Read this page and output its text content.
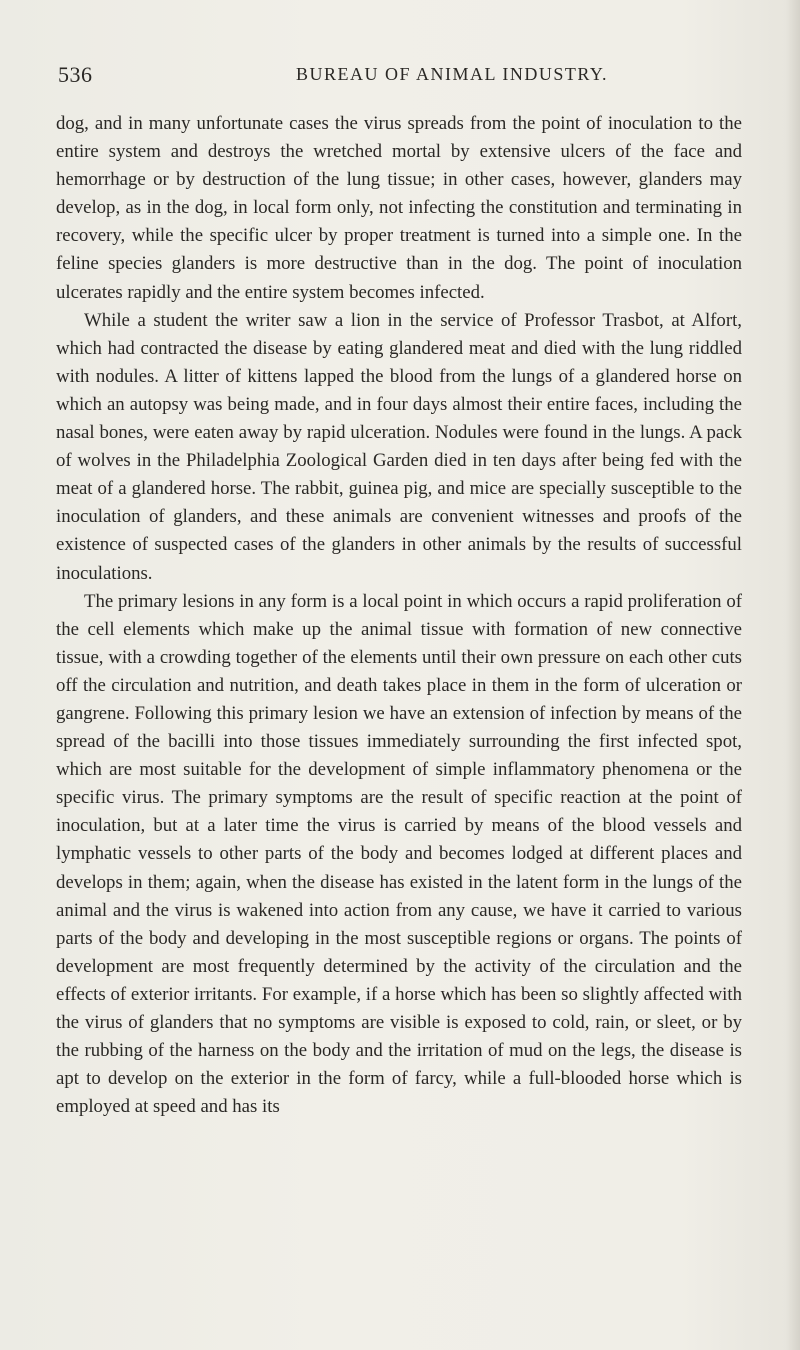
536	BUREAU OF ANIMAL INDUSTRY.

dog, and in many unfortunate cases the virus spreads from the point of inoculation to the entire system and destroys the wretched mortal by extensive ulcers of the face and hemorrhage or by destruction of the lung tissue; in other cases, however, glanders may develop, as in the dog, in local form only, not infecting the constitution and terminating in recovery, while the specific ulcer by proper treatment is turned into a simple one. In the feline species glanders is more destructive than in the dog. The point of inoculation ulcerates rapidly and the entire system becomes infected.

While a student the writer saw a lion in the service of Professor Trasbot, at Alfort, which had contracted the disease by eating glandered meat and died with the lung riddled with nodules. A litter of kittens lapped the blood from the lungs of a glandered horse on which an autopsy was being made, and in four days almost their entire faces, including the nasal bones, were eaten away by rapid ulceration. Nodules were found in the lungs. A pack of wolves in the Philadelphia Zoological Garden died in ten days after being fed with the meat of a glandered horse. The rabbit, guinea pig, and mice are specially susceptible to the inoculation of glanders, and these animals are convenient witnesses and proofs of the existence of suspected cases of the glanders in other animals by the results of successful inoculations.

The primary lesions in any form is a local point in which occurs a rapid proliferation of the cell elements which make up the animal tissue with formation of new connective tissue, with a crowding together of the elements until their own pressure on each other cuts off the circulation and nutrition, and death takes place in them in the form of ulceration or gangrene. Following this primary lesion we have an extension of infection by means of the spread of the bacilli into those tissues immediately surrounding the first infected spot, which are most suitable for the development of simple inflammatory phenomena or the specific virus. The primary symptoms are the result of specific reaction at the point of inoculation, but at a later time the virus is carried by means of the blood vessels and lymphatic vessels to other parts of the body and becomes lodged at different places and develops in them; again, when the disease has existed in the latent form in the lungs of the animal and the virus is wakened into action from any cause, we have it carried to various parts of the body and developing in the most susceptible regions or organs. The points of development are most frequently determined by the activity of the circulation and the effects of exterior irritants. For example, if a horse which has been so slightly affected with the virus of glanders that no symptoms are visible is exposed to cold, rain, or sleet, or by the rubbing of the harness on the body and the irritation of mud on the legs, the disease is apt to develop on the exterior in the form of farcy, while a full-blooded horse which is employed at speed and has its
